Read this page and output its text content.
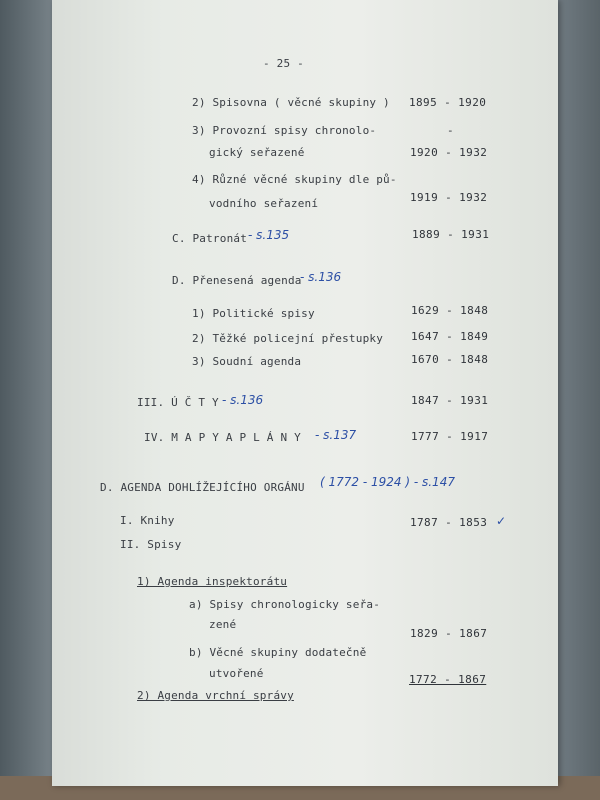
- 25 -
2) Spisovna ( věcné skupiny ) 1895 - 1920
3) Provozní spisy chronolo-	-
gický seřazené	1920 - 1932
4) Různé věcné skupiny dle pů-
vodního seřazení	1919 - 1932
C. Patronát - s.135	1889 - 1931
D. Přenesená agenda
- s.136
1) Politické spisy	1629 - 1848
2) Těžké policejní přestupky	1647 - 1849
3) Soudní agenda	1670 - 1848
III. Ú Č T Y - s.136	1847 - 1931
IV. M A P Y A P L Á N Y - s.137	1777 - 1917
D. AGENDA DOHLÍŽEJÍCÍHO ORGÁNU ( 1772 - 1924 ) - s.147
I. Knihy	1787 - 1853 ✓
II. Spisy
1) Agenda inspektorátu
a) Spisy chronologicky seřa-
zené
1829 - 1867
b) Věcné skupiny dodatečně
utvořené	1772 - 1867
2) Agenda vrchní správy
